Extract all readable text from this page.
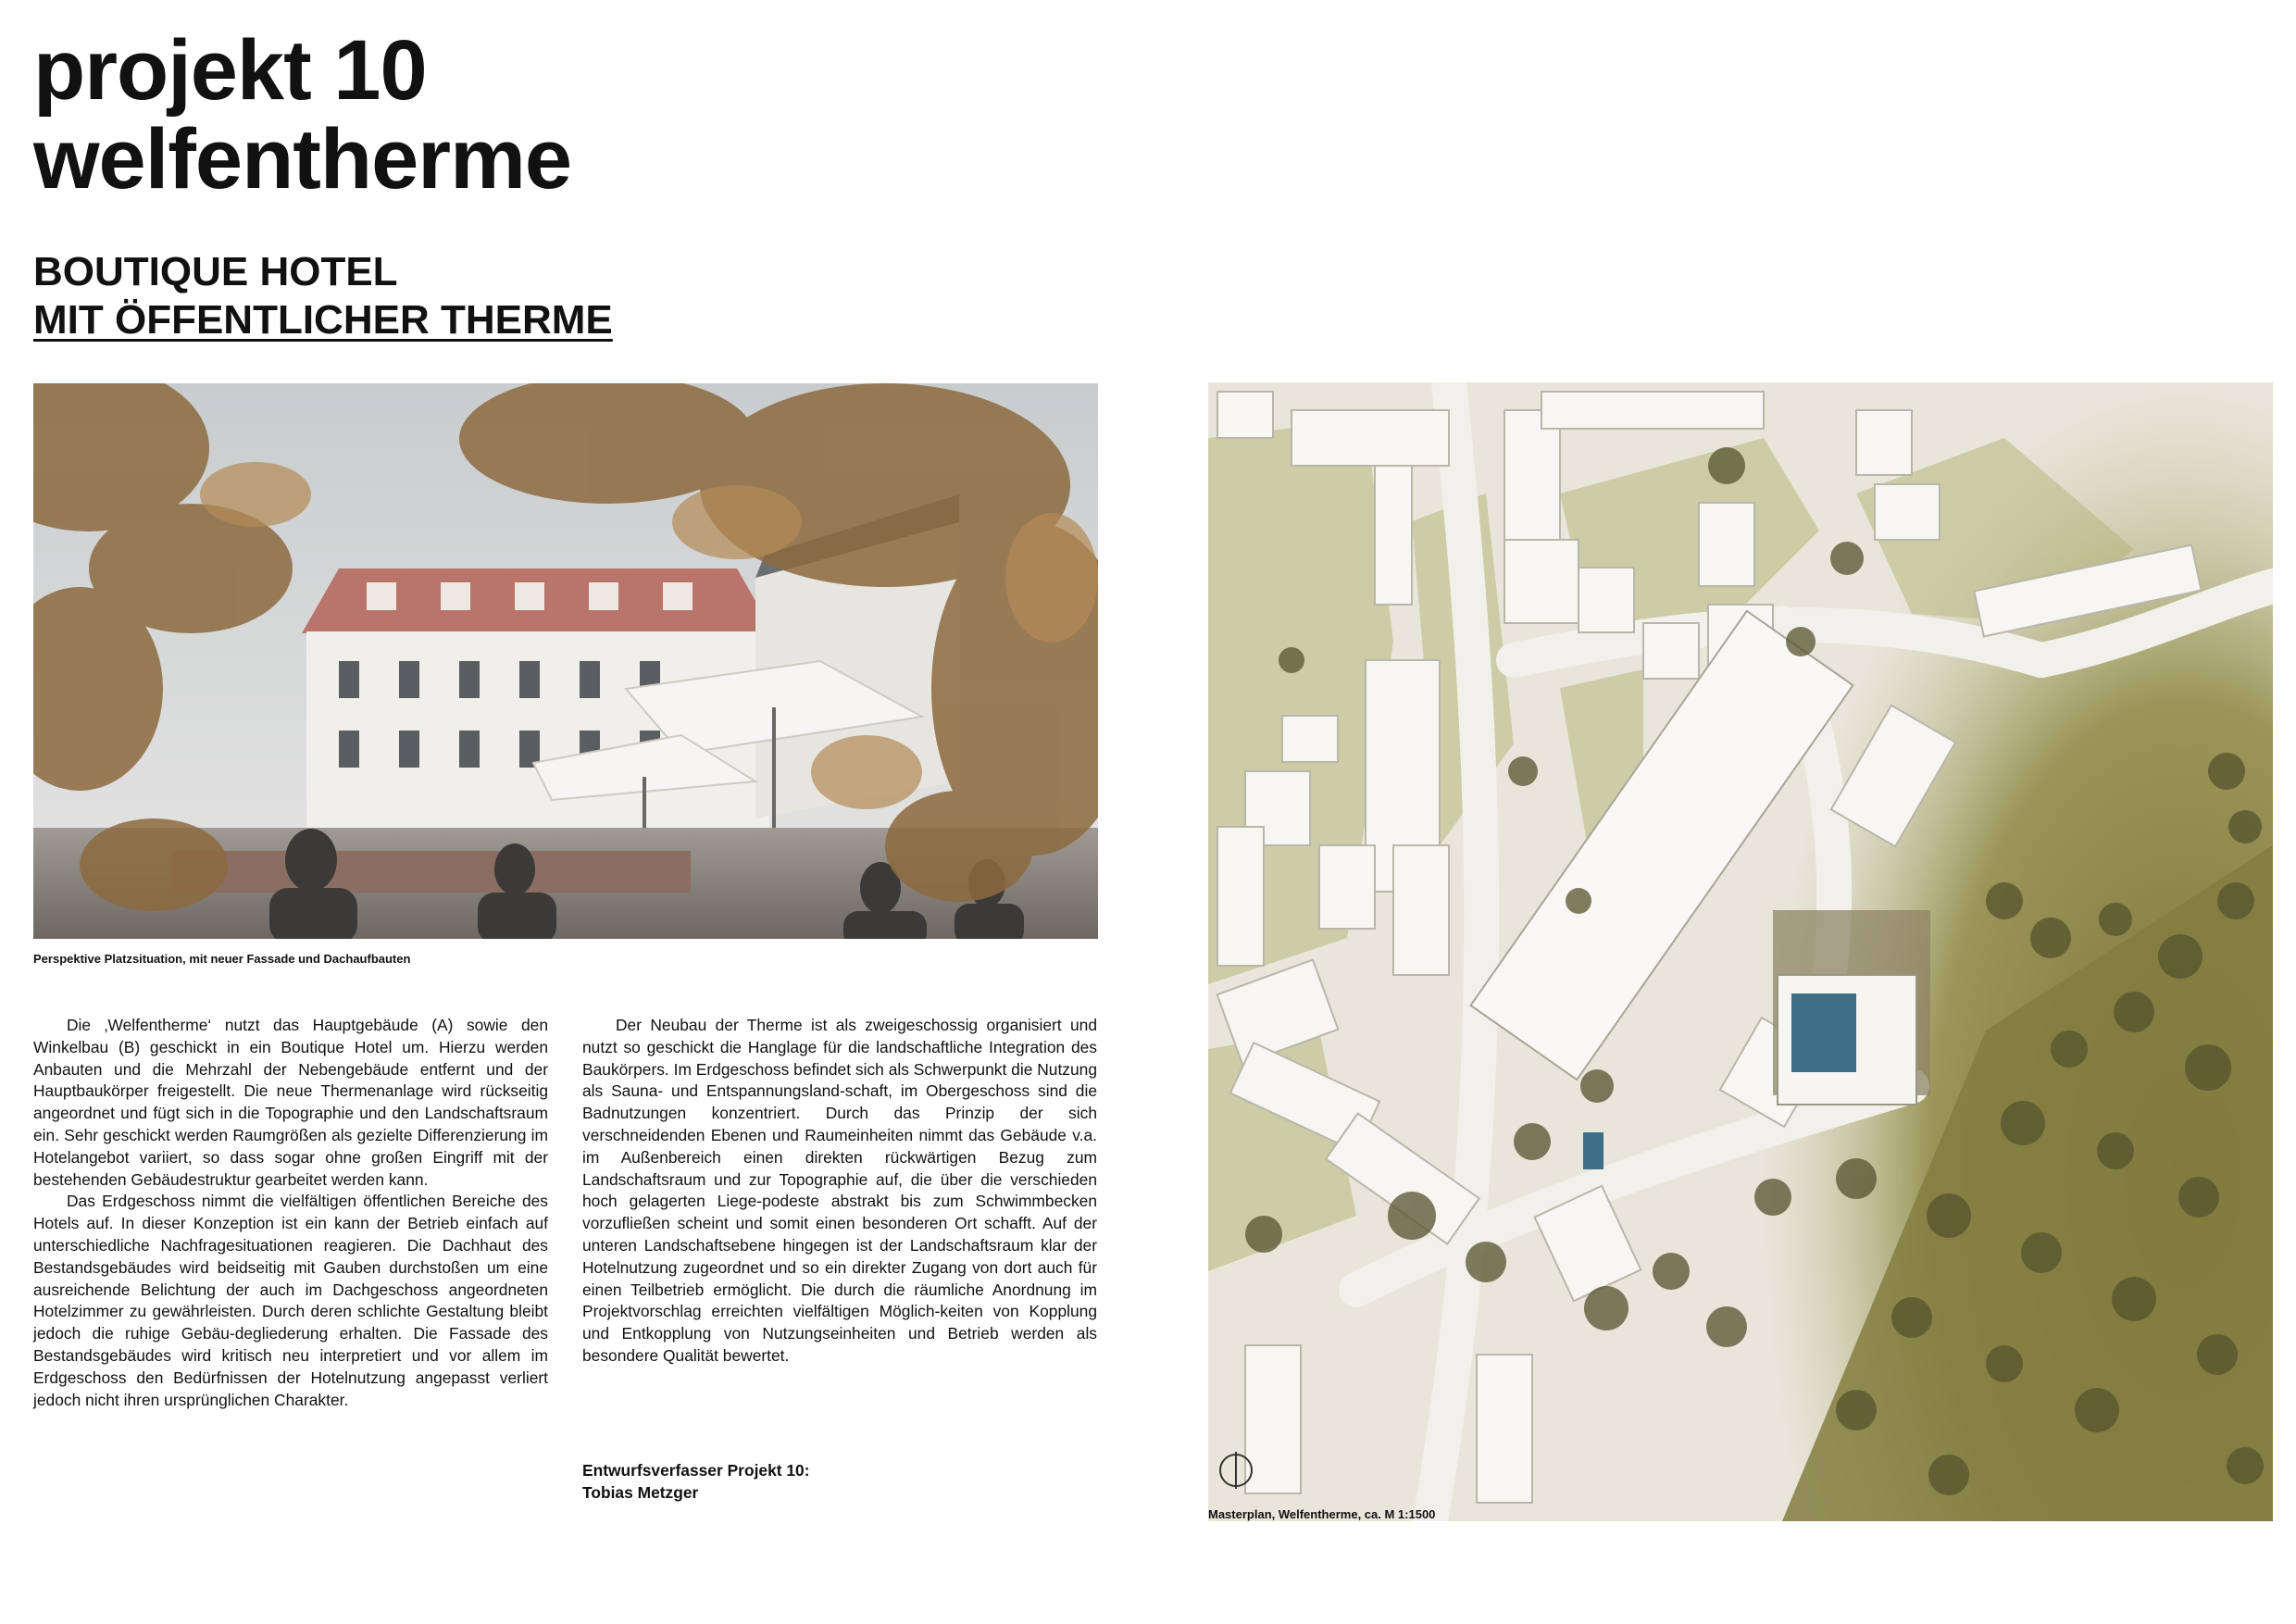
projekt 10
welfentherme
BOUTIQUE HOTEL
MIT ÖFFENTLICHER THERME
Perspektive Platzsituation, mit neuer Fassade und Dachaufbauten

Die ‚Welfentherme‘ nutzt das Hauptgebäude (A) sowie den Winkelbau (B) geschickt in ein Boutique Hotel um. Hierzu werden Anbauten und die Mehrzahl der Nebengebäude entfernt und der Hauptbaukörper freigestellt. Die neue Thermenanlage wird rückseitig angeordnet und fügt sich in die Topographie und den Landschaftsraum ein. Sehr geschickt werden Raumgrößen als gezielte Differenzierung im Hotelangebot variiert, so dass sogar ohne großen Eingriff mit der bestehenden Gebäudestruktur gearbeitet werden kann.

Das Erdgeschoss nimmt die vielfältigen öffentlichen Bereiche des Hotels auf. In dieser Konzeption ist ein kann der Betrieb einfach auf unterschiedliche Nachfragesituationen reagieren. Die Dachhaut des Bestandsgebäudes wird beidseitig mit Gauben durchstoßen um eine ausreichende Belichtung der auch im Dachgeschoss angeordneten Hotelzimmer zu gewährleisten. Durch deren schlichte Gestaltung bleibt jedoch die ruhige Gebäu-degliederung erhalten. Die Fassade des Bestandsgebäudes wird kritisch neu interpretiert und vor allem im Erdgeschoss den Bedürfnissen der Hotelnutzung angepasst verliert jedoch nicht ihren ursprünglichen Charakter.

Der Neubau der Therme ist als zweigeschossig organisiert und nutzt so geschickt die Hanglage für die landschaftliche Integration des Baukörpers. Im Erdgeschoss befindet sich als Schwerpunkt die Nutzung als Sauna- und Entspannungsland-schaft, im Obergeschoss sind die Badnutzungen konzentriert. Durch das Prinzip der sich verschneidenden Ebenen und Raumeinheiten nimmt das Gebäude v.a. im Außenbereich einen direkten rückwärtigen Bezug zum Landschaftsraum und zur Topographie auf, die über die verschieden hoch gelagerten Liege-podeste abstrakt bis zum Schwimmbecken vorzufließen scheint und somit einen besonderen Ort schafft. Auf der unteren Landschaftsebene hingegen ist der Landschaftsraum klar der Hotelnutzung zugeordnet und so ein direkter Zugang von dort auch für einen Teilbetrieb ermöglicht. Die durch die räumliche Anordnung im Projektvorschlag erreichten vielfältigen Möglich-keiten von Kopplung und Entkopplung von Nutzungseinheiten und Betrieb werden als besondere Qualität bewertet.

Entwurfsverfasser Projekt 10:
Tobias Metzger
Masterplan, Welfentherme, ca. M 1:1500
